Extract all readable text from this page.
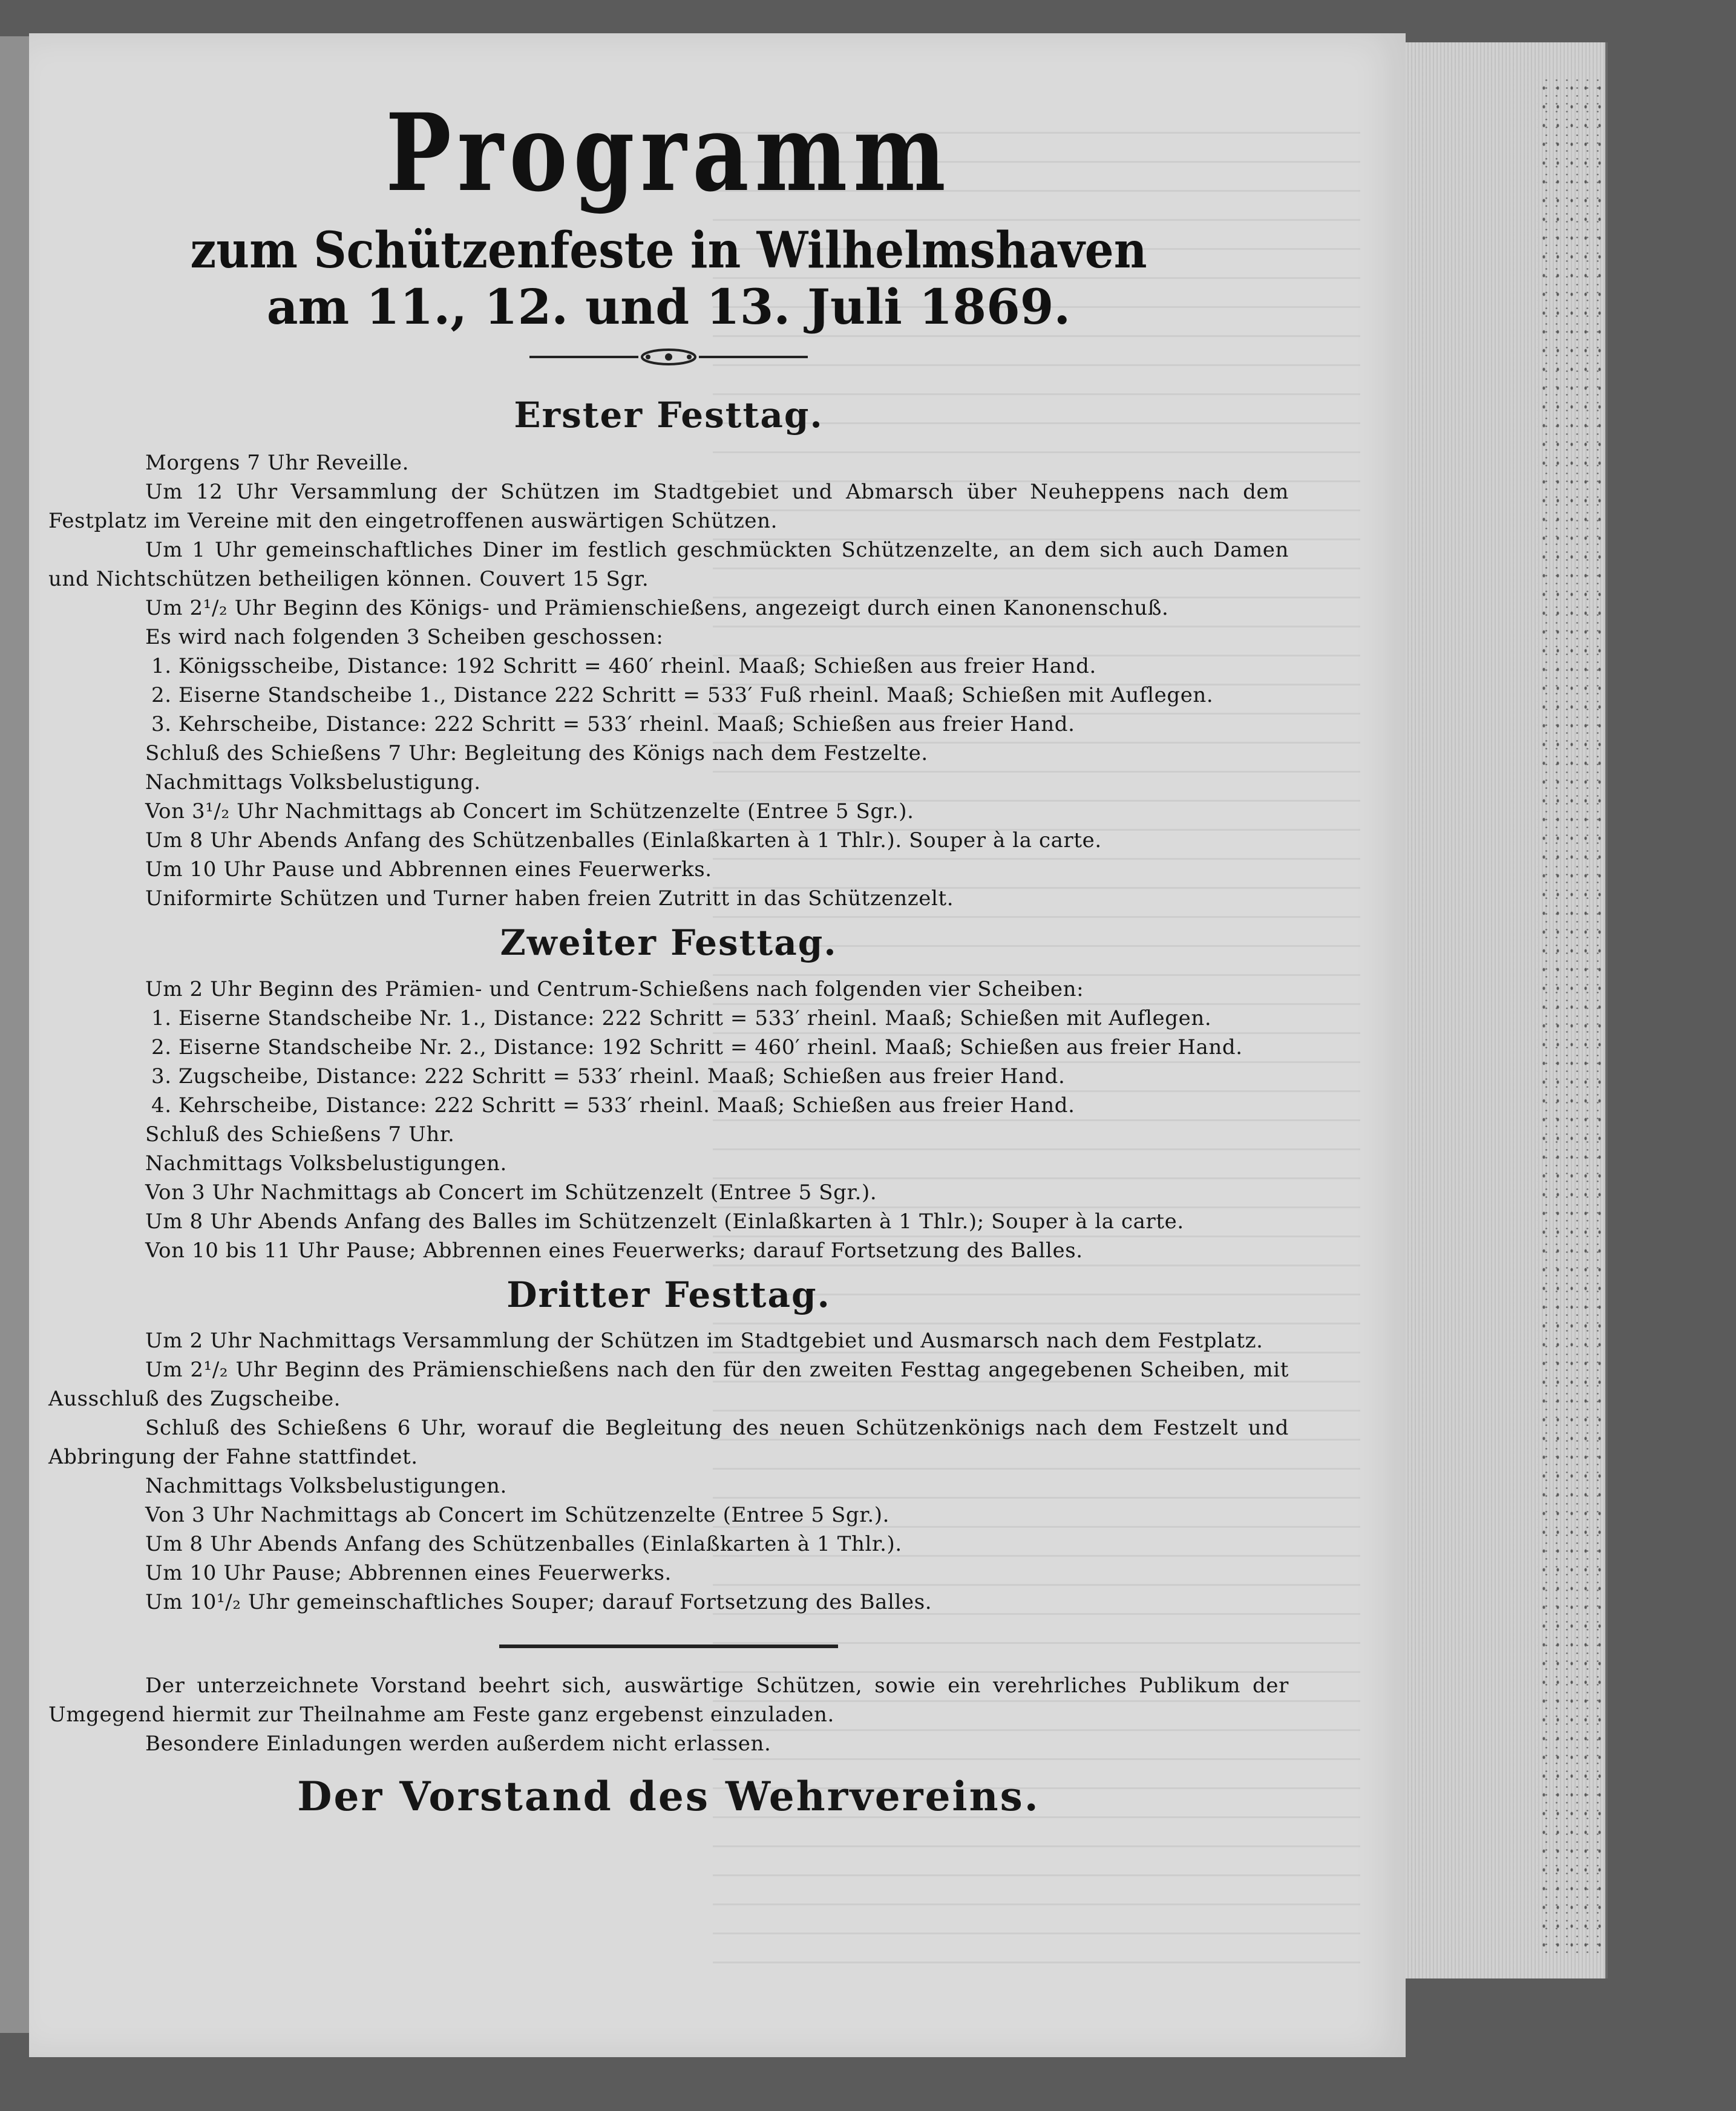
Programm
zum Schützenfeste in Wilhelmshaven
am 11., 12. und 13. Juli 1869.
Erster Festtag.

Morgens 7 Uhr Reveille.

Um 12 Uhr Versammlung der Schützen im Stadtgebiet und Abmarsch über Neuheppens nach dem Festplatz im Vereine mit den eingetroffenen auswärtigen Schützen.

Um 1 Uhr gemeinschaftliches Diner im festlich geschmückten Schützenzelte, an dem sich auch Damen und Nichtschützen betheiligen können. Couvert 15 Sgr.

Um 2¹/₂ Uhr Beginn des Königs- und Prämienschießens, angezeigt durch einen Kanonenschuß.

Es wird nach folgenden 3 Scheiben geschossen:

1. Königsscheibe, Distance: 192 Schritt = 460′ rheinl. Maaß; Schießen aus freier Hand.

2. Eiserne Standscheibe 1., Distance 222 Schritt = 533′ Fuß rheinl. Maaß; Schießen mit Auflegen.

3. Kehrscheibe, Distance: 222 Schritt = 533′ rheinl. Maaß; Schießen aus freier Hand.

Schluß des Schießens 7 Uhr: Begleitung des Königs nach dem Festzelte.

Nachmittags Volksbelustigung.

Von 3¹/₂ Uhr Nachmittags ab Concert im Schützenzelte (Entree 5 Sgr.).

Um 8 Uhr Abends Anfang des Schützenballes (Einlaßkarten à 1 Thlr.). Souper à la carte.

Um 10 Uhr Pause und Abbrennen eines Feuerwerks.

Uniformirte Schützen und Turner haben freien Zutritt in das Schützenzelt.

Zweiter Festtag.

Um 2 Uhr Beginn des Prämien- und Centrum-Schießens nach folgenden vier Scheiben:

1. Eiserne Standscheibe Nr. 1., Distance: 222 Schritt = 533′ rheinl. Maaß; Schießen mit Auflegen.

2. Eiserne Standscheibe Nr. 2., Distance: 192 Schritt = 460′ rheinl. Maaß; Schießen aus freier Hand.

3. Zugscheibe, Distance: 222 Schritt = 533′ rheinl. Maaß; Schießen aus freier Hand.

4. Kehrscheibe, Distance: 222 Schritt = 533′ rheinl. Maaß; Schießen aus freier Hand.

Schluß des Schießens 7 Uhr.

Nachmittags Volksbelustigungen.

Von 3 Uhr Nachmittags ab Concert im Schützenzelt (Entree 5 Sgr.).

Um 8 Uhr Abends Anfang des Balles im Schützenzelt (Einlaßkarten à 1 Thlr.); Souper à la carte.

Von 10 bis 11 Uhr Pause; Abbrennen eines Feuerwerks; darauf Fortsetzung des Balles.

Dritter Festtag.

Um 2 Uhr Nachmittags Versammlung der Schützen im Stadtgebiet und Ausmarsch nach dem Festplatz.

Um 2¹/₂ Uhr Beginn des Prämienschießens nach den für den zweiten Festtag angegebenen Scheiben, mit Ausschluß des Zugscheibe.

Schluß des Schießens 6 Uhr, worauf die Begleitung des neuen Schützenkönigs nach dem Festzelt und Abbringung der Fahne stattfindet.

Nachmittags Volksbelustigungen.

Von 3 Uhr Nachmittags ab Concert im Schützenzelte (Entree 5 Sgr.).

Um 8 Uhr Abends Anfang des Schützenballes (Einlaßkarten à 1 Thlr.).

Um 10 Uhr Pause; Abbrennen eines Feuerwerks.

Um 10¹/₂ Uhr gemeinschaftliches Souper; darauf Fortsetzung des Balles.

Der unterzeichnete Vorstand beehrt sich, auswärtige Schützen, sowie ein verehrliches Publikum der Umgegend hiermit zur Theilnahme am Feste ganz ergebenst einzuladen.

Besondere Einladungen werden außerdem nicht erlassen.

Der Vorstand des Wehrvereins.
